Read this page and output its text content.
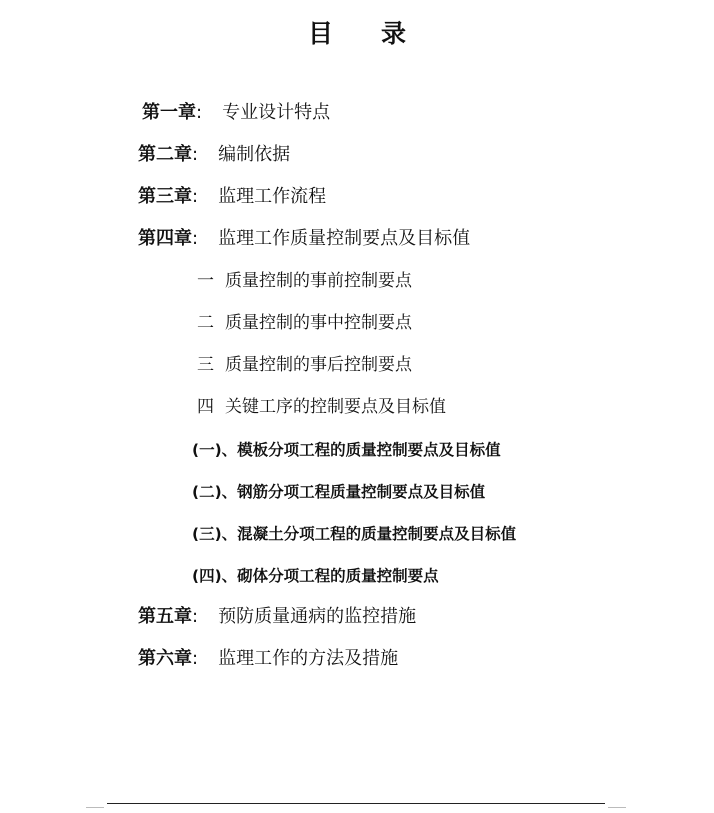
目 录
第一章: 专业设计特点
第二章: 编制依据
第三章: 监理工作流程
第四章: 监理工作质量控制要点及目标值
一 质量控制的事前控制要点
二 质量控制的事中控制要点
三 质量控制的事后控制要点
四 关键工序的控制要点及目标值
(一)、模板分项工程的质量控制要点及目标值
(二)、钢筋分项工程质量控制要点及目标值
(三)、混凝土分项工程的质量控制要点及目标值
(四)、砌体分项工程的质量控制要点
第五章: 预防质量通病的监控措施
第六章: 监理工作的方法及措施
